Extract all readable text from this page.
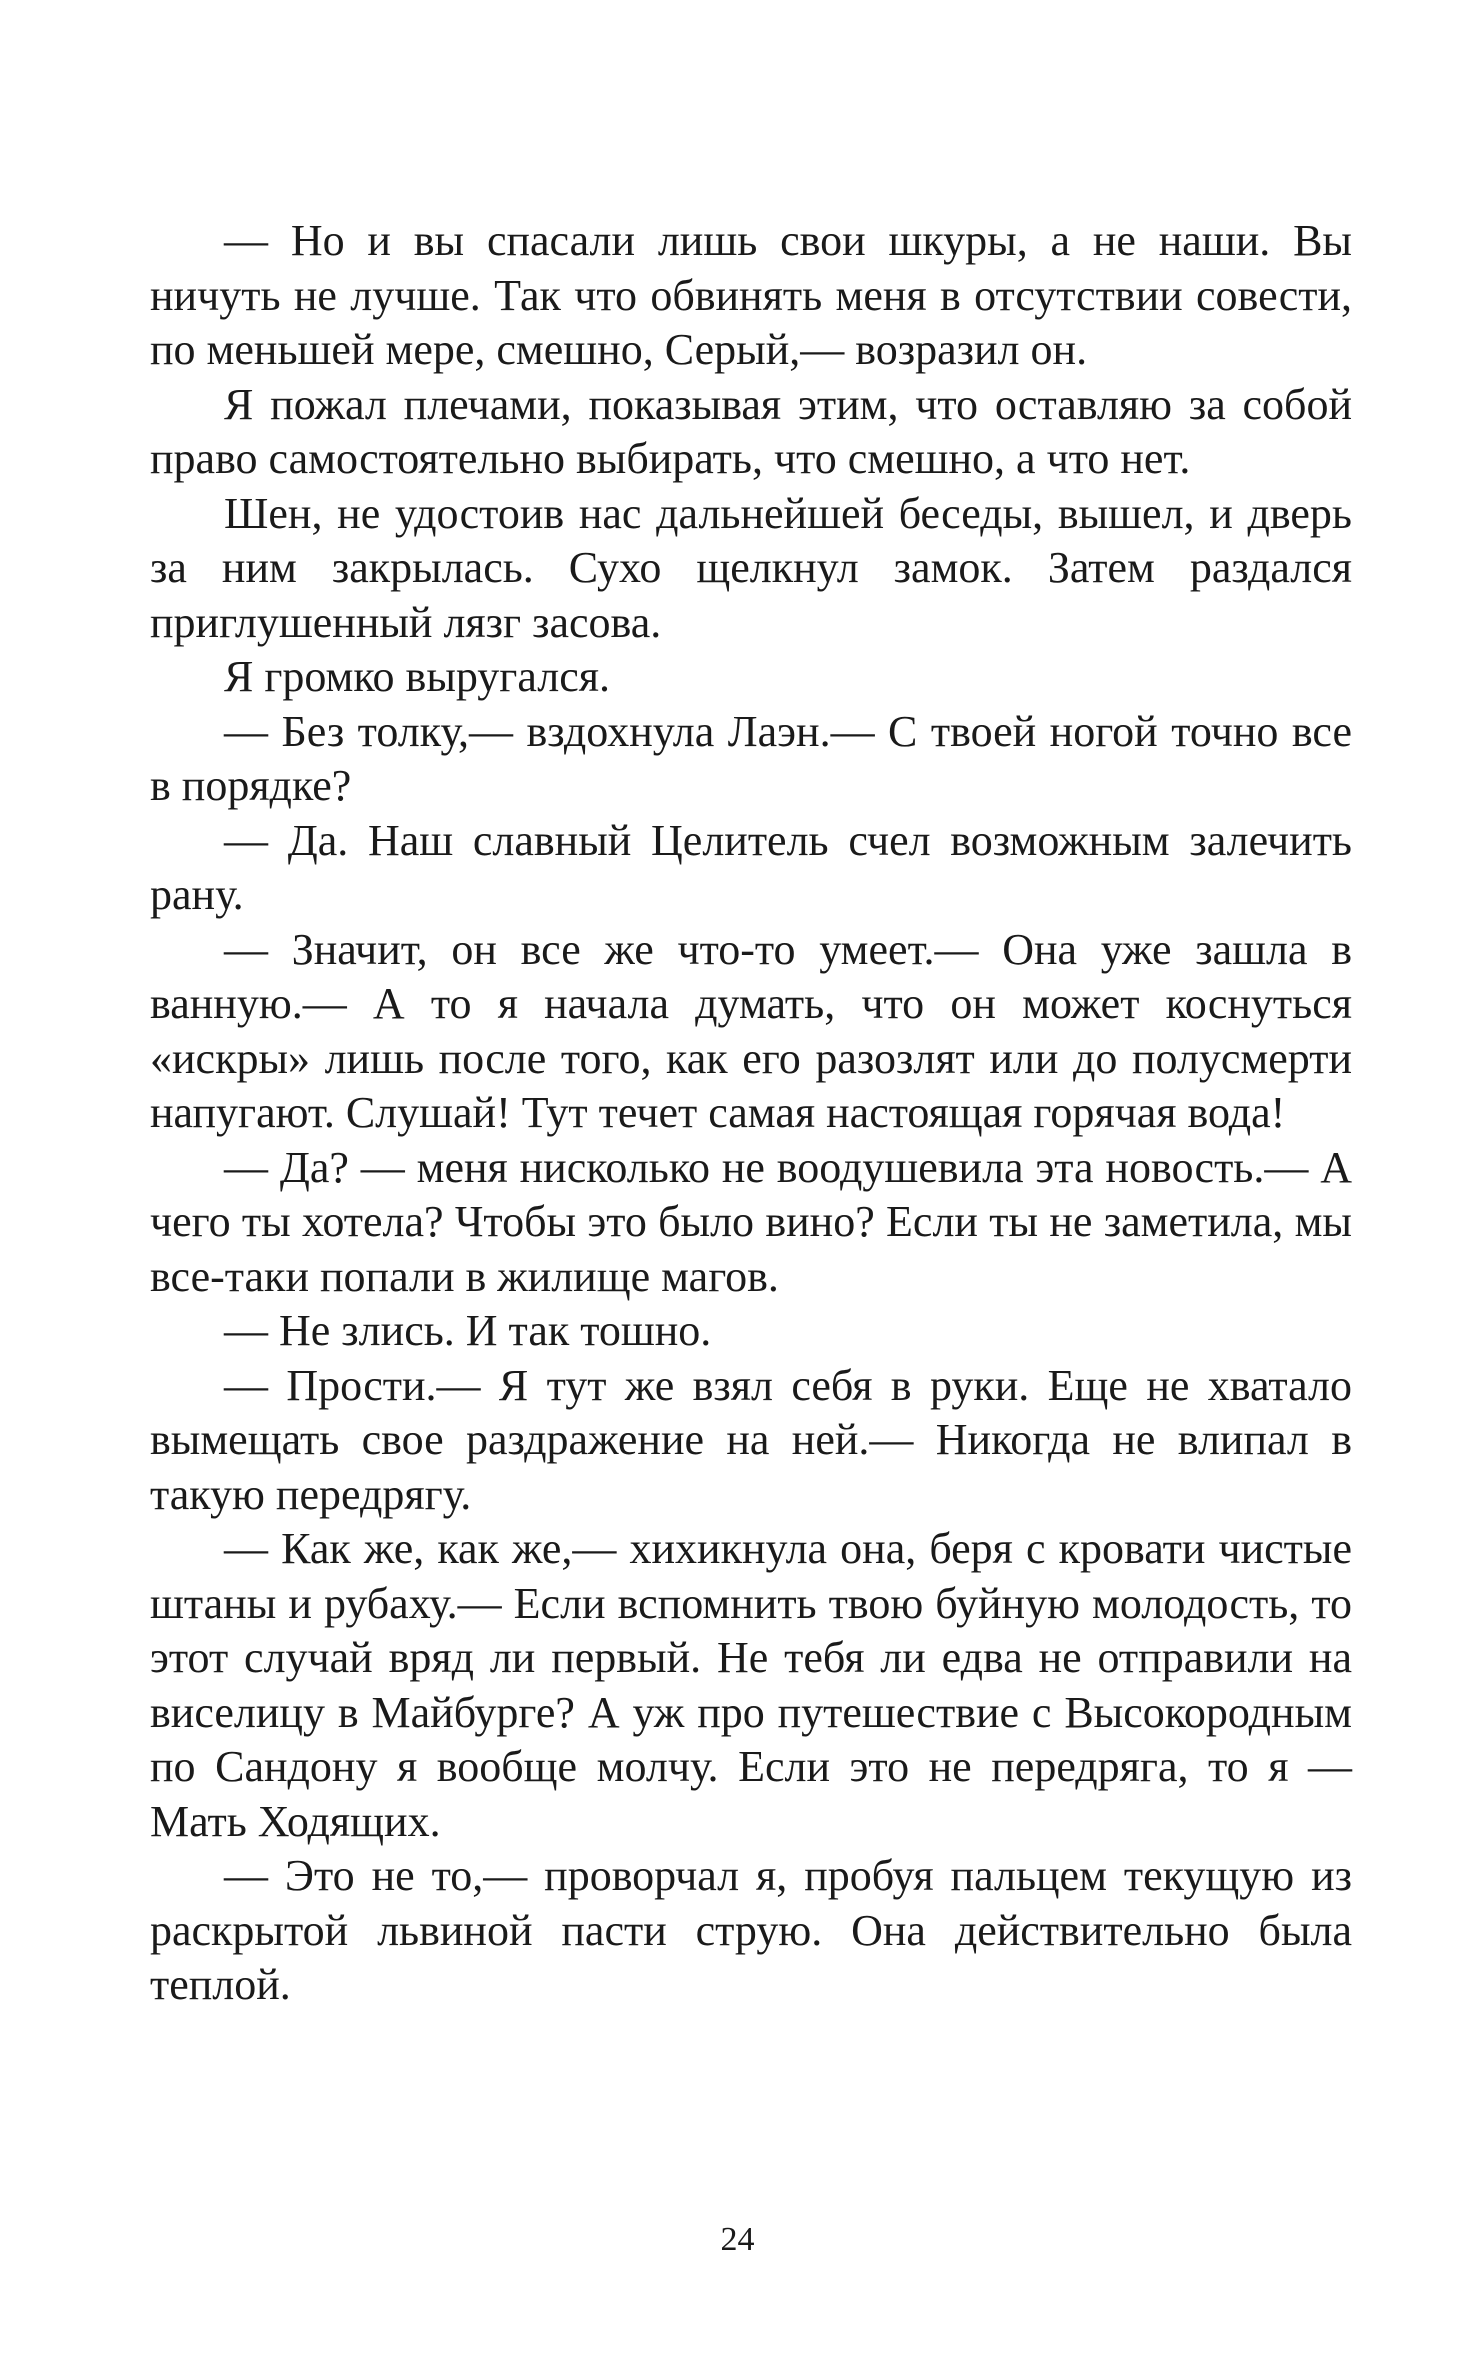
— Но и вы спасали лишь свои шкуры, а не наши. Вы ничуть не лучше. Так что обвинять меня в отсутствии совести, по меньшей мере, смешно, Серый,— возразил он.

Я пожал плечами, показывая этим, что оставляю за собой право самостоятельно выбирать, что смешно, а что нет.

Шен, не удостоив нас дальнейшей беседы, вышел, и дверь за ним закрылась. Сухо щелкнул замок. Затем раздался приглушенный лязг засова.

Я громко выругался.

— Без толку,— вздохнула Лаэн.— С твоей ногой точно все в порядке?

— Да. Наш славный Целитель счел возможным залечить рану.

— Значит, он все же что-то умеет.— Она уже зашла в ванную.— А то я начала думать, что он может коснуться «искры» лишь после того, как его разозлят или до полусмерти напугают. Слушай! Тут течет самая настоящая горячая вода!

— Да? — меня нисколько не воодушевила эта новость.— А чего ты хотела? Чтобы это было вино? Если ты не заметила, мы все-таки попали в жилище магов.

— Не злись. И так тошно.

— Прости.— Я тут же взял себя в руки. Еще не хватало вымещать свое раздражение на ней.— Никогда не влипал в такую передрягу.

— Как же, как же,— хихикнула она, беря с кровати чистые штаны и рубаху.— Если вспомнить твою буйную молодость, то этот случай вряд ли первый. Не тебя ли едва не отправили на виселицу в Майбурге? А уж про путешествие с Высокородным по Сандону я вообще молчу. Если это не передряга, то я — Мать Ходящих.

— Это не то,— проворчал я, пробуя пальцем текущую из раскрытой львиной пасти струю. Она действительно была теплой.

24
